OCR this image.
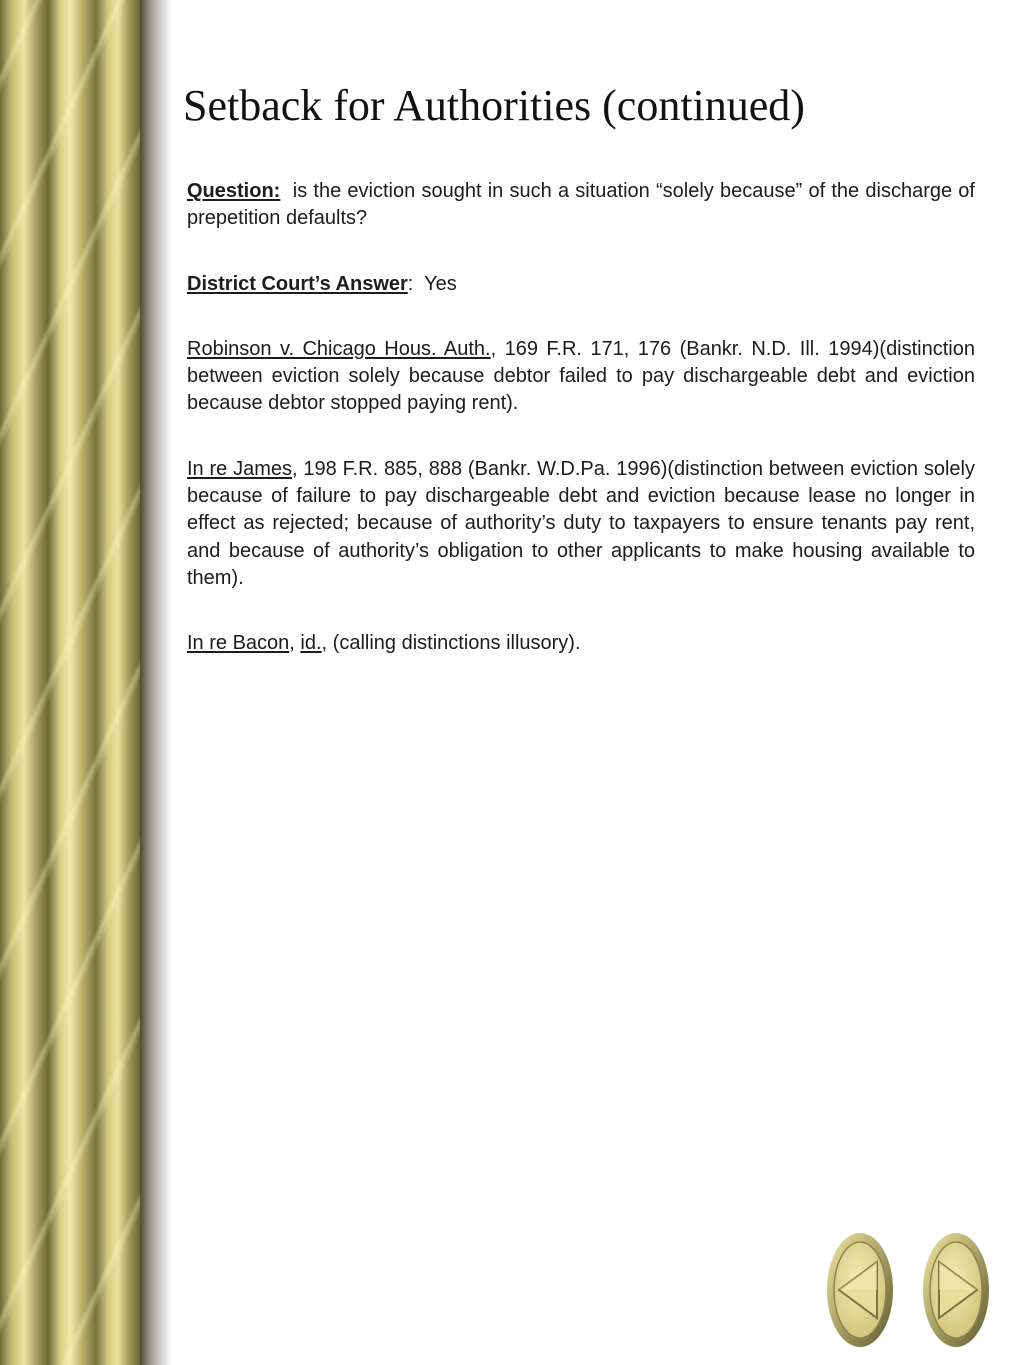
Setback for Authorities (continued)

Question:  is the eviction sought in such a situation “solely because” of the discharge of prepetition defaults?

District Court’s Answer:  Yes

Robinson v. Chicago Hous. Auth., 169 F.R. 171, 176 (Bankr. N.D. Ill. 1994)(distinction between eviction solely because debtor failed to pay dischargeable debt and eviction because debtor stopped paying rent).

In re James, 198 F.R. 885, 888 (Bankr. W.D.Pa. 1996)(distinction between eviction solely because of failure to pay dischargeable debt and eviction because lease no longer in effect as rejected; because of authority’s duty to taxpayers to ensure tenants pay rent, and because of authority’s obligation to other applicants to make housing available to them).

In re Bacon, id., (calling distinctions illusory).
